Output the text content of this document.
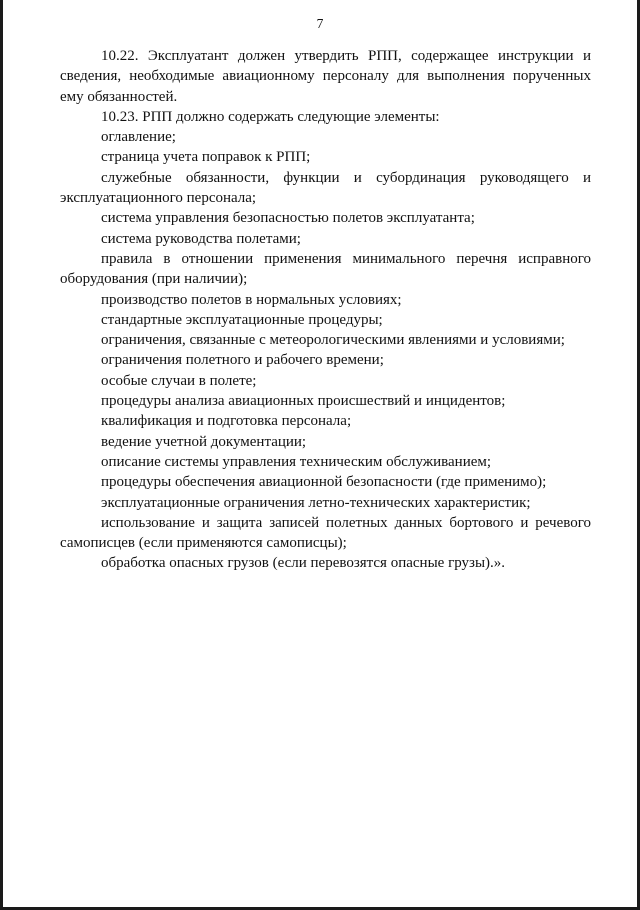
7

10.22. Эксплуатант должен утвердить РПП, содержащее инструкции и сведения, необходимые авиационному персоналу для выполнения порученных ему обязанностей.

10.23. РПП должно содержать следующие элементы:

оглавление;

страница учета поправок к РПП;

служебные обязанности, функции и субординация руководящего и эксплуатационного персонала;

система управления безопасностью полетов эксплуатанта;

система руководства полетами;

правила в отношении применения минимального перечня исправного оборудования (при наличии);

производство полетов в нормальных условиях;

стандартные эксплуатационные процедуры;

ограничения, связанные с метеорологическими явлениями и условиями;

ограничения полетного и рабочего времени;

особые случаи в полете;

процедуры анализа авиационных происшествий и инцидентов;

квалификация и подготовка персонала;

ведение учетной документации;

описание системы управления техническим обслуживанием;

процедуры обеспечения авиационной безопасности (где применимо);

эксплуатационные ограничения летно-технических характеристик;

использование и защита записей полетных данных бортового и речевого самописцев (если применяются самописцы);

обработка опасных грузов (если перевозятся опасные грузы).».
